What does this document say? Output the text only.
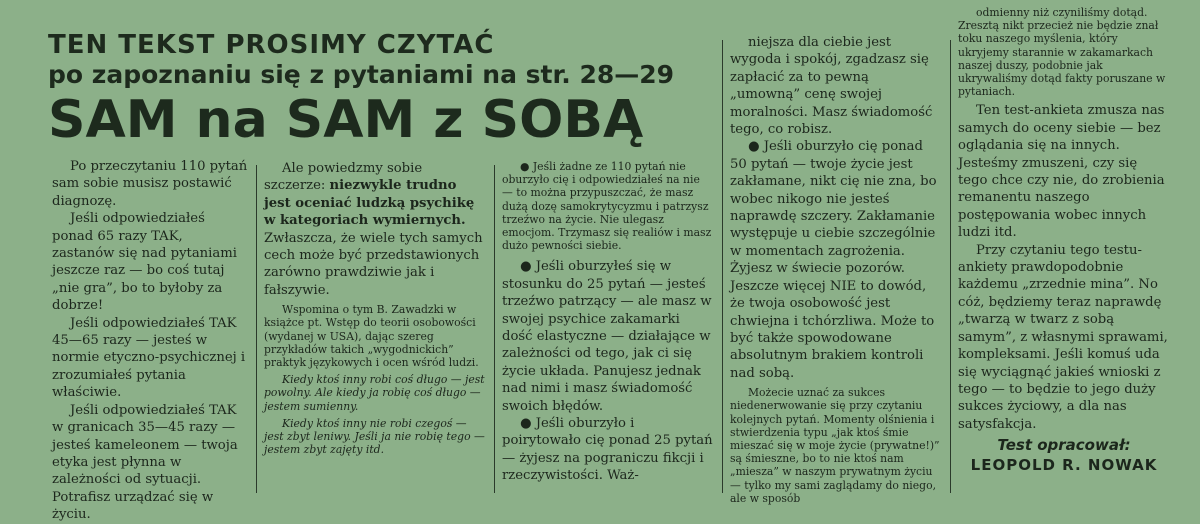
TEN TEKST PROSIMY CZYTAĆ
po zapoznaniu się z pytaniami na str. 28—29
SAM na SAM z SOBĄ

Po przeczytaniu 110 pytań sam sobie musisz postawić diagnozę.

Jeśli odpowiedziałeś ponad 65 razy TAK, zastanów się nad pytaniami jeszcze raz — bo coś tutaj „nie gra”, bo to byłoby za dobrze!

Jeśli odpowiedziałeś TAK 45—65 razy — jesteś w normie etyczno-psychicznej i zrozumiałeś pytania właściwie.

Jeśli odpowiedziałeś TAK w granicach 35—45 razy — jesteś kameleonem — twoja etyka jest płynna w zależności od sytuacji. Potrafisz urządzać się w życiu.

Ale powiedzmy sobie szczerze: niezwykle trudno jest oceniać ludzką psychikę w kategoriach wymiernych. Zwłaszcza, że wiele tych samych cech może być przedstawionych zarówno prawdziwie jak i fałszywie.

Wspomina o tym B. Zawadzki w książce pt. Wstęp do teorii osobowości (wydanej w USA), dając szereg przykładów takich „wygodnickich” praktyk językowych i ocen wśród ludzi.

Kiedy ktoś inny robi coś długo — jest powolny. Ale kiedy ja robię coś długo — jestem sumienny.

Kiedy ktoś inny nie robi czegoś — jest zbyt leniwy. Jeśli ja nie robię tego — jestem zbyt zajęty itd.

● Jeśli żadne ze 110 pytań nie oburzyło cię i odpowiedziałeś na nie — to można przypuszczać, że masz dużą dozę samokrytycyzmu i patrzysz trzeźwo na życie. Nie ulegasz emocjom. Trzymasz się realiów i masz dużo pewności siebie.

● Jeśli oburzyłeś się w stosunku do 25 pytań — jesteś trzeźwo patrzący — ale masz w swojej psychice zakamarki dość elastyczne — działające w zależności od tego, jak ci się życie układa. Panujesz jednak nad nimi i masz świadomość swoich błędów.

● Jeśli oburzyło i poirytowało cię ponad 25 pytań — żyjesz na pograniczu fikcji i rzeczywistości. Waż-

niejsza dla ciebie jest wygoda i spokój, zgadzasz się zapłacić za to pewną „umowną” cenę swojej moralności. Masz świadomość tego, co robisz.

● Jeśli oburzyło cię ponad 50 pytań — twoje życie jest zakłamane, nikt cię nie zna, bo wobec nikogo nie jesteś naprawdę szczery. Zakłamanie występuje u ciebie szczególnie w momentach zagrożenia. Żyjesz w świecie pozorów. Jeszcze więcej NIE to dowód, że twoja osobowość jest chwiejna i tchórzliwa. Może to być także spowodowane absolutnym brakiem kontroli nad sobą.

Możecie uznać za sukces niedenerwowanie się przy czytaniu kolejnych pytań. Momenty olśnienia i stwierdzenia typu „jak ktoś śmie mieszać się w moje życie (prywatne!)” są śmieszne, bo to nie ktoś nam „miesza” w naszym prywatnym życiu — tylko my sami zaglądamy do niego, ale w sposób

odmienny niż czyniliśmy dotąd. Zresztą nikt przecież nie będzie znał toku naszego myślenia, który ukryjemy starannie w zakamarkach naszej duszy, podobnie jak ukrywaliśmy dotąd fakty poruszane w pytaniach.

Ten test-ankieta zmusza nas samych do oceny siebie — bez oglądania się na innych. Jesteśmy zmuszeni, czy się tego chce czy nie, do zrobienia remanentu naszego postępowania wobec innych ludzi itd.

Przy czytaniu tego testu-ankiety prawdopodobnie każdemu „zrzednie mina”. No cóż, będziemy teraz naprawdę „twarzą w twarz z sobą samym”, z własnymi sprawami, kompleksami. Jeśli komuś uda się wyciągnąć jakieś wnioski z tego — to będzie to jego duży sukces życiowy, a dla nas satysfakcja.

Test opracował:
LEOPOLD R. NOWAK
